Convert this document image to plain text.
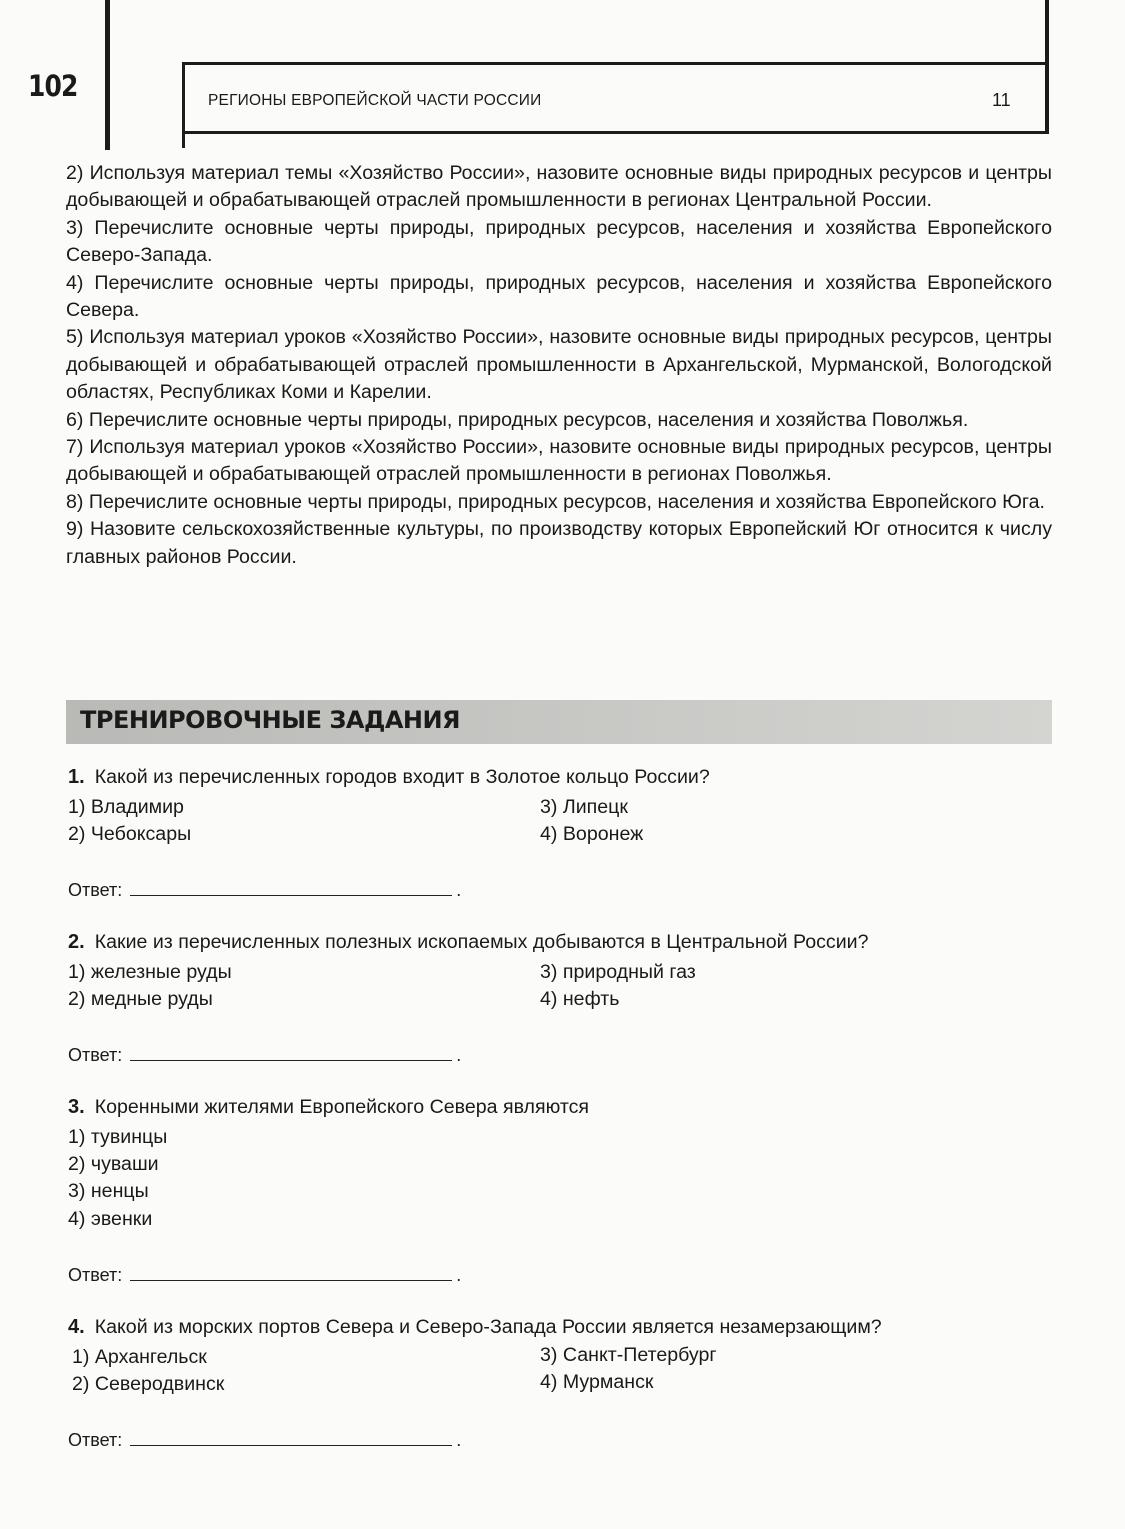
102	РЕГИОНЫ ЕВРОПЕЙСКОЙ ЧАСТИ РОССИИ	11

2) Используя материал темы «Хозяйство России», назовите основные виды природных ресурсов и центры добывающей и обрабатывающей отраслей промышленности в регионах Центральной России.

3) Перечислите основные черты природы, природных ресурсов, населения и хозяйства Европейского Северо-Запада.

4) Перечислите основные черты природы, природных ресурсов, населения и хозяйства Европейского Севера.

5) Используя материал уроков «Хозяйство России», назовите основные виды природных ресурсов, центры добывающей и обрабатывающей отраслей промышленности в Архангельской, Мурманской, Вологодской областях, Республиках Коми и Карелии.

6) Перечислите основные черты природы, природных ресурсов, населения и хозяйства Поволжья.

7) Используя материал уроков «Хозяйство России», назовите основные виды природных ресурсов, центры добывающей и обрабатывающей отраслей промышленности в регионах Поволжья.

8) Перечислите основные черты природы, природных ресурсов, населения и хозяйства Европейского Юга.

9) Назовите сельскохозяйственные культуры, по производству которых Европейский Юг относится к числу главных районов России.

ТРЕНИРОВОЧНЫЕ ЗАДАНИЯ
1. Какой из перечисленных городов входит в Золотое кольцо России?
1) Владимир
2) Чебоксары
3) Липецк
4) Воронеж
Ответ:	.
2. Какие из перечисленных полезных ископаемых добываются в Центральной России?
1) железные руды
2) медные руды
3) природный газ
4) нефть
Ответ:	.
3. Коренными жителями Европейского Севера являются
1) тувинцы
2) чуваши
3) ненцы
4) эвенки
Ответ:	.
4. Какой из морских портов Севера и Северо-Запада России является незамерзающим?
1) Архангельск
2) Северодвинск
3) Санкт-Петербург
4) Мурманск
Ответ:	.
